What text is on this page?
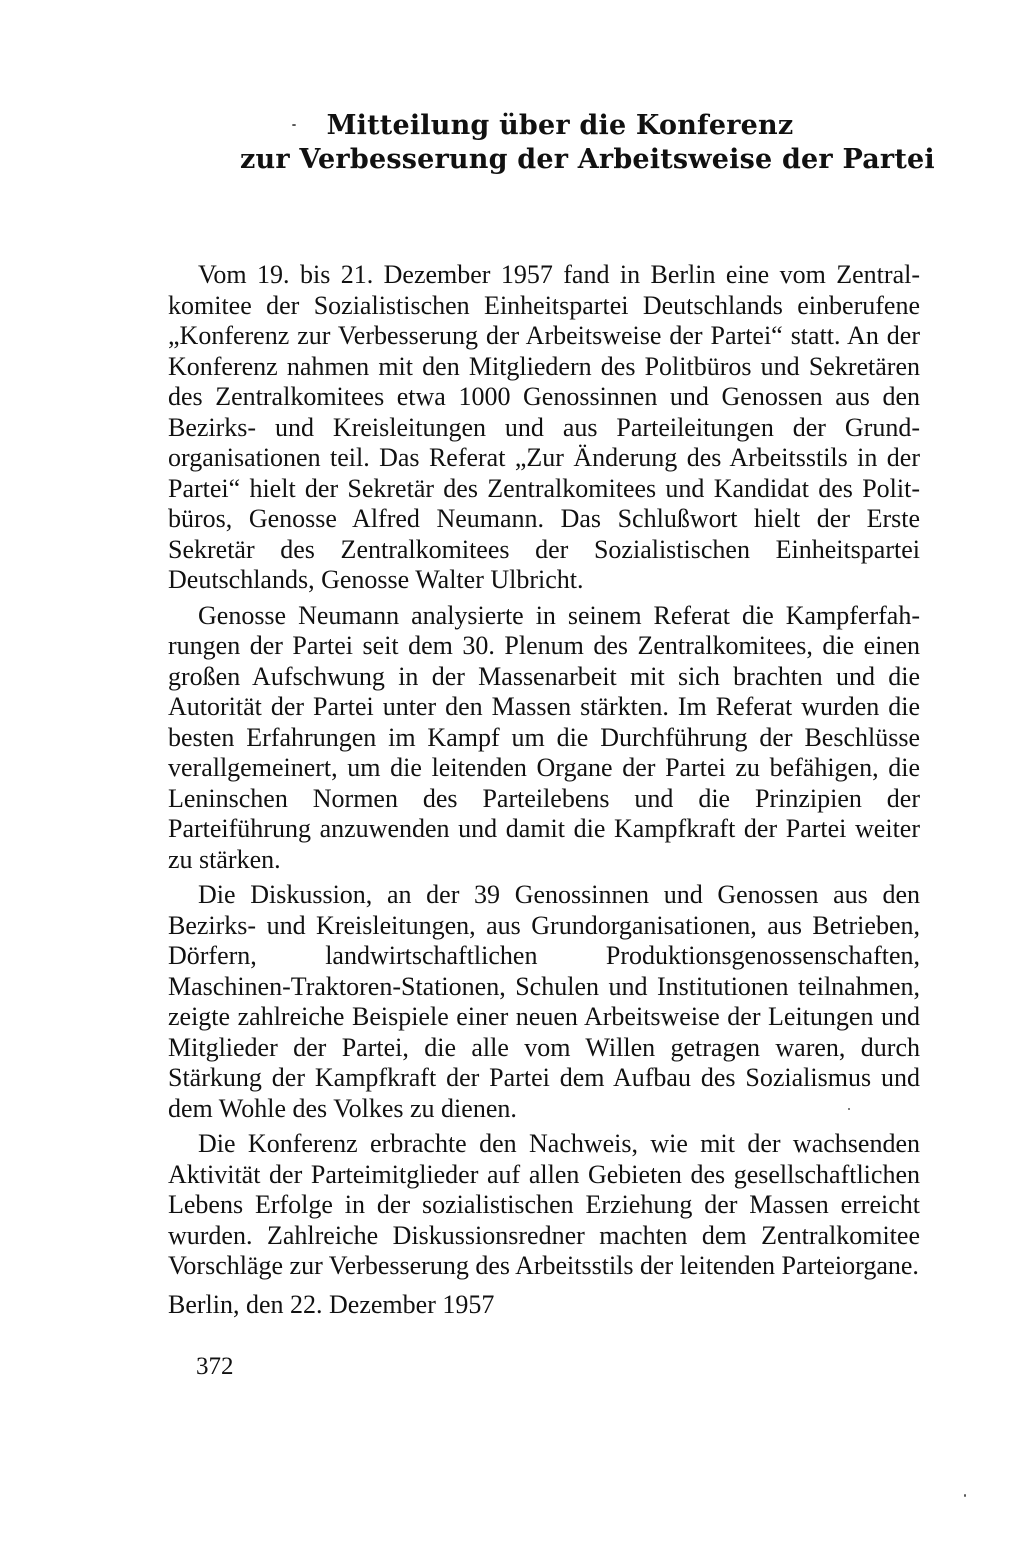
Mitteilung über die Konferenz
zur Verbesserung der Arbeitsweise der Partei

Vom 19. bis 21. Dezember 1957 fand in Berlin eine vom Zentralkomitee der Sozialistischen Einheitspartei Deutschlands einberufene „Konferenz zur Verbesserung der Arbeitsweise der Partei“ statt. An der Konferenz nahmen mit den Mitgliedern des Politbüros und Sekretären des Zentralkomitees etwa 1000 Genossinnen und Genossen aus den Bezirks- und Kreisleitungen und aus Parteileitungen der Grundorganisationen teil. Das Referat „Zur Änderung des Arbeitsstils in der Partei“ hielt der Sekretär des Zentralkomitees und Kandidat des Politbüros, Genosse Alfred Neumann. Das Schlußwort hielt der Erste Sekretär des Zentralkomitees der Sozialistischen Einheitspartei Deutschlands, Genosse Walter Ulbricht.

Genosse Neumann analysierte in seinem Referat die Kampferfahrungen der Partei seit dem 30. Plenum des Zentralkomitees, die einen großen Aufschwung in der Massenarbeit mit sich brachten und die Autorität der Partei unter den Massen stärkten. Im Referat wurden die besten Erfahrungen im Kampf um die Durchführung der Beschlüsse verallgemeinert, um die leitenden Organe der Partei zu befähigen, die Leninschen Normen des Parteilebens und die Prinzipien der Parteiführung anzuwenden und damit die Kampfkraft der Partei weiter zu stärken.

Die Diskussion, an der 39 Genossinnen und Genossen aus den Bezirks- und Kreisleitungen, aus Grundorganisationen, aus Betrieben, Dörfern, landwirtschaftlichen Produktionsgenossenschaften, Maschinen-Traktoren-Stationen, Schulen und Institutionen teilnahmen, zeigte zahlreiche Beispiele einer neuen Arbeitsweise der Leitungen und Mitglieder der Partei, die alle vom Willen getragen waren, durch Stärkung der Kampfkraft der Partei dem Aufbau des Sozialismus und dem Wohle des Volkes zu dienen.

Die Konferenz erbrachte den Nachweis, wie mit der wachsenden Aktivität der Parteimitglieder auf allen Gebieten des gesellschaftlichen Lebens Erfolge in der sozialistischen Erziehung der Massen erreicht wurden. Zahlreiche Diskussionsredner machten dem Zentralkomitee Vorschläge zur Verbesserung des Arbeitsstils der leitenden Parteiorgane.

Berlin, den 22. Dezember 1957
372
